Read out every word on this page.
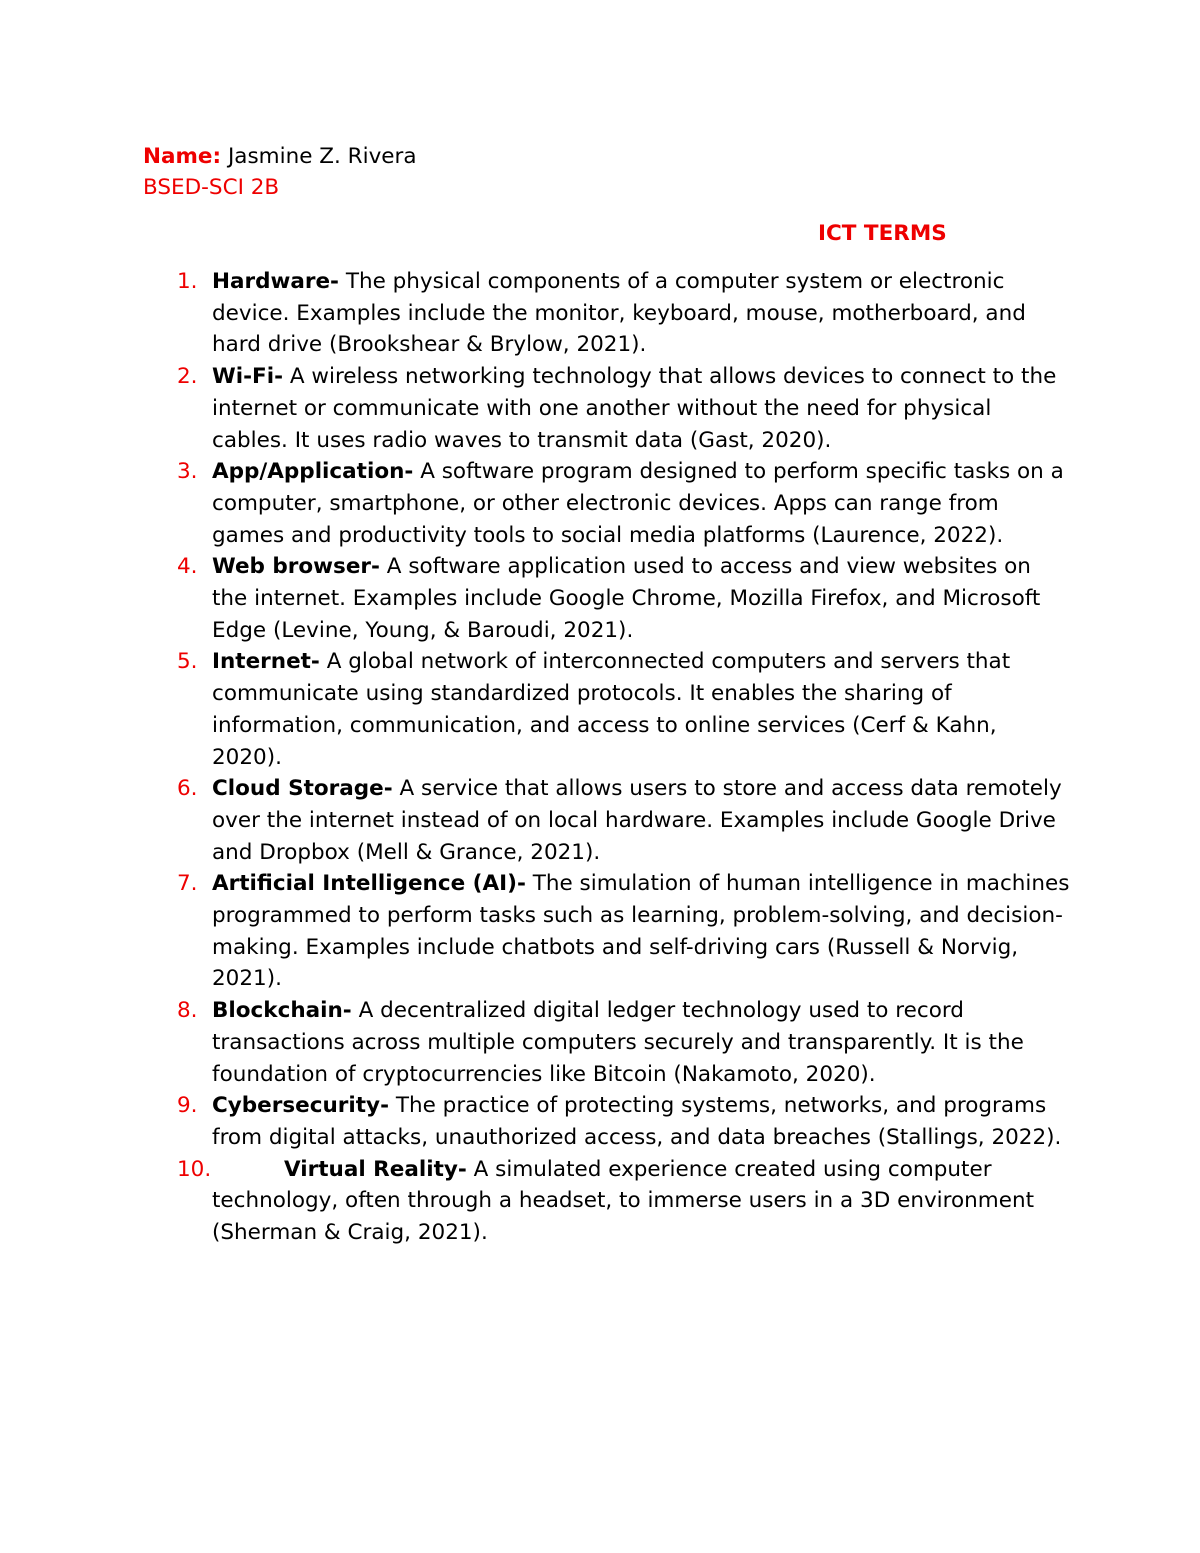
Name: Jasmine Z. Rivera
BSED-SCI 2B
ICT TERMS
1. Hardware- The physical components of a computer system or electronic device. Examples include the monitor, keyboard, mouse, motherboard, and hard drive (Brookshear & Brylow, 2021).
2. Wi-Fi- A wireless networking technology that allows devices to connect to the internet or communicate with one another without the need for physical cables. It uses radio waves to transmit data (Gast, 2020).
3. App/Application- A software program designed to perform specific tasks on a computer, smartphone, or other electronic devices. Apps can range from games and productivity tools to social media platforms (Laurence, 2022).
4. Web browser- A software application used to access and view websites on the internet. Examples include Google Chrome, Mozilla Firefox, and Microsoft Edge (Levine, Young, & Baroudi, 2021).
5. Internet- A global network of interconnected computers and servers that communicate using standardized protocols. It enables the sharing of information, communication, and access to online services (Cerf & Kahn, 2020).
6. Cloud Storage- A service that allows users to store and access data remotely over the internet instead of on local hardware. Examples include Google Drive and Dropbox (Mell & Grance, 2021).
7. Artificial Intelligence (AI)- The simulation of human intelligence in machines programmed to perform tasks such as learning, problem-solving, and decision-making. Examples include chatbots and self-driving cars (Russell & Norvig, 2021).
8. Blockchain- A decentralized digital ledger technology used to record transactions across multiple computers securely and transparently. It is the foundation of cryptocurrencies like Bitcoin (Nakamoto, 2020).
9. Cybersecurity- The practice of protecting systems, networks, and programs from digital attacks, unauthorized access, and data breaches (Stallings, 2022).
10.	Virtual Reality- A simulated experience created using computer technology, often through a headset, to immerse users in a 3D environment (Sherman & Craig, 2021).
